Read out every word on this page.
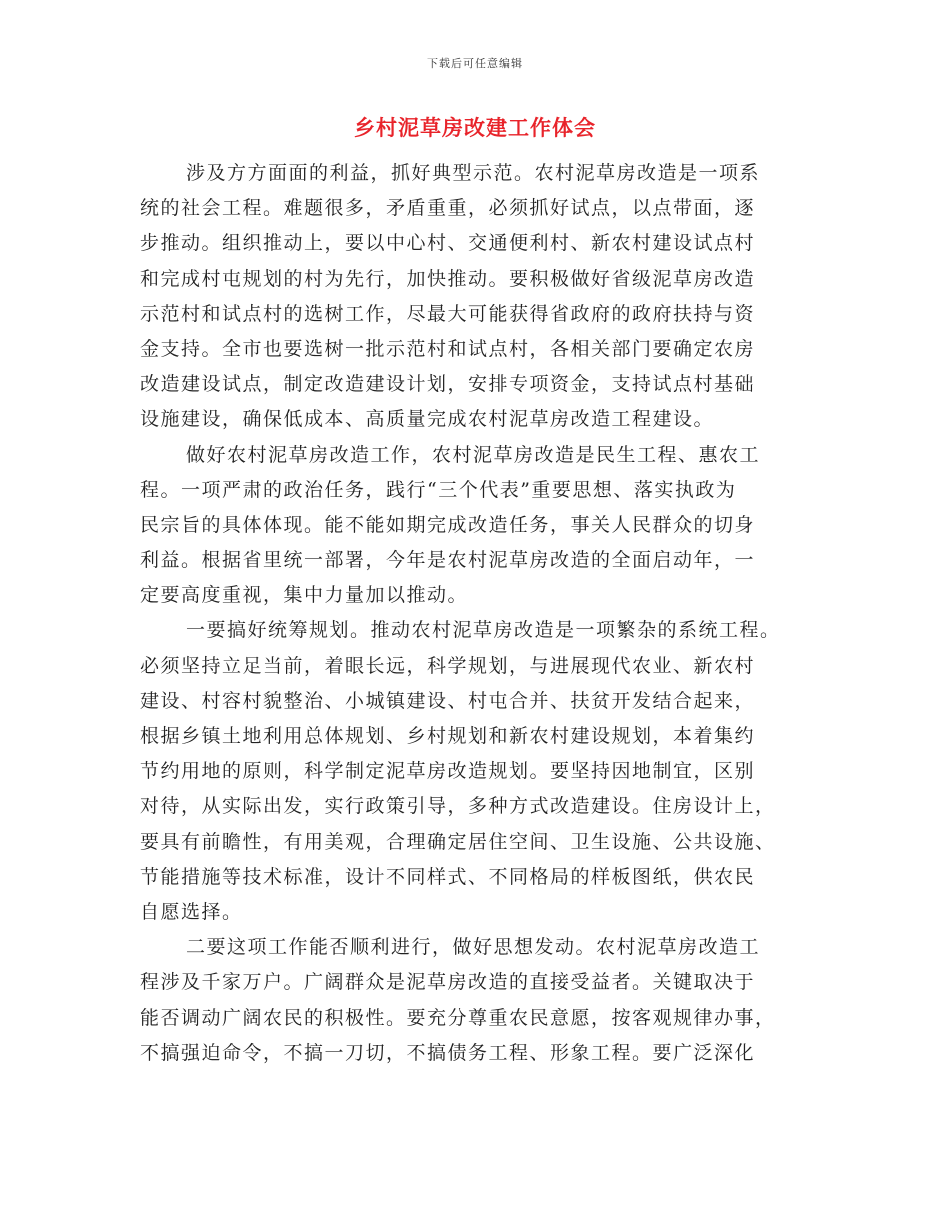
下载后可任意编辑
乡村泥草房改建工作体会

涉及方方面面的利益，抓好典型示范。农村泥草房改造是一项系
统的社会工程。难题很多，矛盾重重，必须抓好试点，以点带面，逐
步推动。组织推动上，要以中心村、交通便利村、新农村建设试点村
和完成村屯规划的村为先行，加快推动。要积极做好省级泥草房改造
示范村和试点村的选树工作，尽最大可能获得省政府的政府扶持与资
金支持。全市也要选树一批示范村和试点村，各相关部门要确定农房
改造建设试点，制定改造建设计划，安排专项资金，支持试点村基础
设施建设，确保低成本、高质量完成农村泥草房改造工程建设。

做好农村泥草房改造工作，农村泥草房改造是民生工程、惠农工
程。一项严肃的政治任务，践行“三个代表”重要思想、落实执政为
民宗旨的具体体现。能不能如期完成改造任务，事关人民群众的切身
利益。根据省里统一部署，今年是农村泥草房改造的全面启动年，一
定要高度重视，集中力量加以推动。

一要搞好统筹规划。推动农村泥草房改造是一项繁杂的系统工程。
必须坚持立足当前，着眼长远，科学规划，与进展现代农业、新农村
建设、村容村貌整治、小城镇建设、村屯合并、扶贫开发结合起来，
根据乡镇土地利用总体规划、乡村规划和新农村建设规划，本着集约
节约用地的原则，科学制定泥草房改造规划。要坚持因地制宜，区别
对待，从实际出发，实行政策引导，多种方式改造建设。住房设计上，
要具有前瞻性，有用美观，合理确定居住空间、卫生设施、公共设施、
节能措施等技术标准，设计不同样式、不同格局的样板图纸，供农民
自愿选择。

二要这项工作能否顺利进行，做好思想发动。农村泥草房改造工
程涉及千家万户。广阔群众是泥草房改造的直接受益者。关键取决于
能否调动广阔农民的积极性。要充分尊重农民意愿，按客观规律办事，
不搞强迫命令，不搞一刀切，不搞债务工程、形象工程。要广泛深化
